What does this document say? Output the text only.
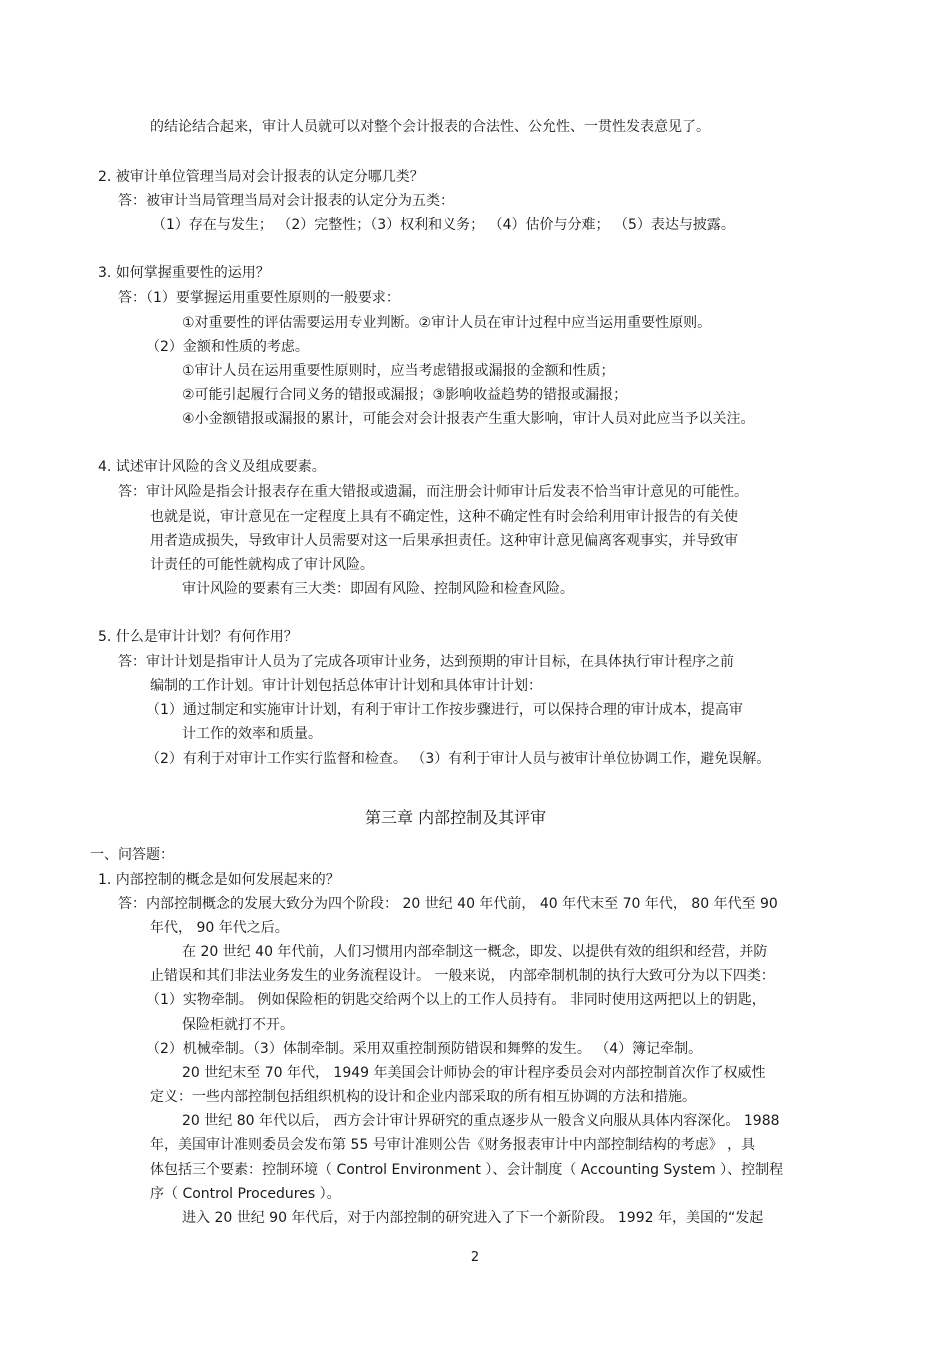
的结论结合起来，审计人员就可以对整个会计报表的合法性、公允性、一贯性发表意见了。
2. 被审计单位管理当局对会计报表的认定分哪几类？
答：被审计当局管理当局对会计报表的认定分为五类：
（1）存在与发生； （2）完整性；（3）权利和义务； （4）估价与分难； （5）表达与披露。
3. 如何掌握重要性的运用？
答：（1）要掌握运用重要性原则的一般要求：
①对重要性的评估需要运用专业判断。②审计人员在审计过程中应当运用重要性原则。
（2）金额和性质的考虑。
①审计人员在运用重要性原则时，应当考虑错报或漏报的金额和性质；
②可能引起履行合同义务的错报或漏报；③影响收益趋势的错报或漏报；
④小金额错报或漏报的累计，可能会对会计报表产生重大影响，审计人员对此应当予以关注。
4. 试述审计风险的含义及组成要素。
答：审计风险是指会计报表存在重大错报或遗漏，而注册会计师审计后发表不恰当审计意见的可能性。
也就是说，审计意见在一定程度上具有不确定性，这种不确定性有时会给利用审计报告的有关使
用者造成损失，导致审计人员需要对这一后果承担责任。这种审计意见偏离客观事实，并导致审
计责任的可能性就构成了审计风险。
审计风险的要素有三大类：即固有风险、控制风险和检查风险。
5. 什么是审计计划？有何作用？
答：审计计划是指审计人员为了完成各项审计业务，达到预期的审计目标，在具体执行审计程序之前
编制的工作计划。审计计划包括总体审计计划和具体审计计划：
（1）通过制定和实施审计计划，有利于审计工作按步骤进行，可以保持合理的审计成本，提高审
计工作的效率和质量。
（2）有利于对审计工作实行监督和检查。 （3）有利于审计人员与被审计单位协调工作，避免误解。
第三章 内部控制及其评审
一、问答题：
1. 内部控制的概念是如何发展起来的？
答：内部控制概念的发展大致分为四个阶段： 20 世纪 40 年代前， 40 年代末至 70 年代， 80 年代至 90
年代， 90 年代之后。
在 20 世纪 40 年代前，人们习惯用内部牵制这一概念，即发、以提供有效的组织和经营，并防
止错误和其们非法业务发生的业务流程设计。 一般来说， 内部牵制机制的执行大致可分为以下四类：
（1）实物牵制。 例如保险柜的钥匙交给两个以上的工作人员持有。 非同时使用这两把以上的钥匙，
保险柜就打不开。
（2）机械牵制。（3）体制牵制。采用双重控制预防错误和舞弊的发生。 （4）簿记牵制。
20 世纪末至 70 年代， 1949 年美国会计师协会的审计程序委员会对内部控制首次作了权威性
定义：一些内部控制包括组织机构的设计和企业内部采取的所有相互协调的方法和措施。
20 世纪 80 年代以后， 西方会计审计界研究的重点逐步从一般含义向服从具体内容深化。 1988
年，美国审计准则委员会发布第 55 号审计准则公告《财务报表审计中内部控制结构的考虑》 ，具
体包括三个要素：控制环境（ Control Environment ）、会计制度（ Accounting System ）、控制程
序（ Control Procedures ）。
进入 20 世纪 90 年代后，对于内部控制的研究进入了下一个新阶段。 1992 年，美国的“发起
2
